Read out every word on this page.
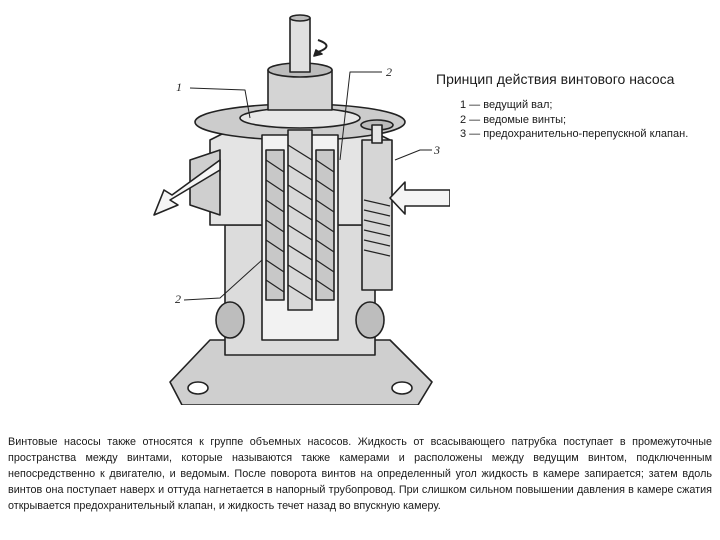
1
2
3
2
Принцип действия винтового насоса
1 — ведущий вал;
2 — ведомые винты;
3 — предохранительно-перепускной клапан.

Винтовые насосы также относятся к группе объемных насосов. Жидкость от всасывающего патрубка поступает в промежуточные пространства между винтами, которые называются также камерами и расположены между ведущим винтом, подключенным непосредственно к двигателю, и ведомым. После поворота винтов на определенный угол жидкость в камере запирается; затем вдоль винтов она поступает наверх и оттуда нагнетается в напорный трубопровод. При слишком сильном повышении давления в камере сжатия открывается предохранительный клапан, и жидкость течет назад во впускную камеру.
